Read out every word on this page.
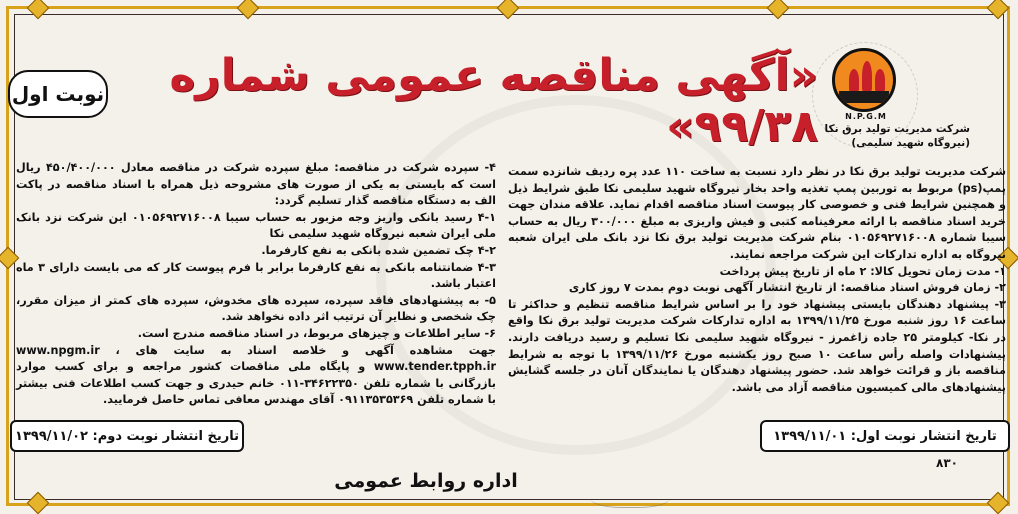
نوبت اول	«آگهی مناقصه عمومی شماره ۹۹/۳۸»	N.P.G.M
شرکت مدیریت تولید برق نکا
(نیروگاه شهید سلیمی)

شرکت مدیریت تولید برق نکا در نظر دارد نسبت به ساخت ۱۱۰ عدد پره ردیف شانزده سمت پمپ(ps) مربوط به توربین پمپ تغذیه واحد بخار نیروگاه شهید سلیمی نکا طبق شرایط ذیل و همچنین شرایط فنی و خصوصی کار پیوست اسناد مناقصه اقدام نماید. علاقه مندان جهت خرید اسناد مناقصه با ارائه معرفینامه کتبی و فیش واریزی به مبلغ ۳۰۰/۰۰۰ ریال به حساب سیبا شماره ۰۱۰۵۶۹۲۷۱۶۰۰۸ بنام شرکت مدیریت تولید برق نکا نزد بانک ملی ایران شعبه نیروگاه به اداره تدارکات این شرکت مراجعه نمایند.

۱- مدت زمان تحویل کالا: ۲ ماه از تاریخ پیش پرداخت

۲- زمان فروش اسناد مناقصه: از تاریخ انتشار آگهی نوبت دوم بمدت ۷ روز کاری

۳- پیشنهاد دهندگان بایستی پیشنهاد خود را بر اساس شرایط مناقصه تنظیم و حداکثر تا ساعت ۱۶ روز شنبه مورخ ۱۳۹۹/۱۱/۲۵ به اداره تدارکات شرکت مدیریت تولید برق نکا واقع در نکا- کیلومتر ۲۵ جاده زاغمرز - نیروگاه شهید سلیمی نکا تسلیم و رسید دریافت دارند. پیشنهادات واصله رأس ساعت ۱۰ صبح روز یکشنبه مورخ ۱۳۹۹/۱۱/۲۶ با توجه به شرایط مناقصه باز و قرائت خواهد شد. حضور پیشنهاد دهندگان یا نمایندگان آنان در جلسه گشایش پیشنهادهای مالی کمیسیون مناقصه آزاد می باشد.

۴- سپرده شرکت در مناقصه: مبلغ سپرده شرکت در مناقصه معادل ۴۵۰/۴۰۰/۰۰۰ ریال است که بایستی به یکی از صورت های مشروحه ذیل همراه با اسناد مناقصه در پاکت الف به دستگاه مناقصه گذار تسلیم گردد:

۴-۱ رسید بانکی واریز وجه مزبور به حساب سیبا ۰۱۰۵۶۹۲۷۱۶۰۰۸ این شرکت نزد بانک ملی ایران شعبه نیروگاه شهید سلیمی نکا

۴-۲ چک تضمین شده بانکی به نفع کارفرما.

۴-۳ ضمانتنامه بانکی به نفع کارفرما برابر با فرم پیوست کار که می بایست دارای ۳ ماه اعتبار باشد.

۵- به پیشنهادهای فاقد سپرده، سپرده های مخدوش، سپرده های کمتر از میزان مقرر، چک شخصی و نظایر آن ترتیب اثر داده نخواهد شد.

۶- سایر اطلاعات و چیزهای مربوط، در اسناد مناقصه مندرج است.

جهت مشاهده آگهی و خلاصه اسناد به سایت های www.npgm.ir ، www.tender.tpph.ir و پایگاه ملی مناقصات کشور مراجعه و برای کسب موارد بازرگانی با شماره تلفن ۳۴۶۲۲۳۵۰-۰۱۱ خانم حیدری و جهت کسب اطلاعات فنی بیشتر با شماره تلفن ۰۹۱۱۳۵۳۵۳۶۹ آقای مهندس معافی تماس حاصل فرمایید.

تاریخ انتشار نوبت اول: ۱۳۹۹/۱۱/۰۱
تاریخ انتشار نوبت دوم: ۱۳۹۹/۱۱/۰۲
۸۳۰
اداره روابط عمومی
